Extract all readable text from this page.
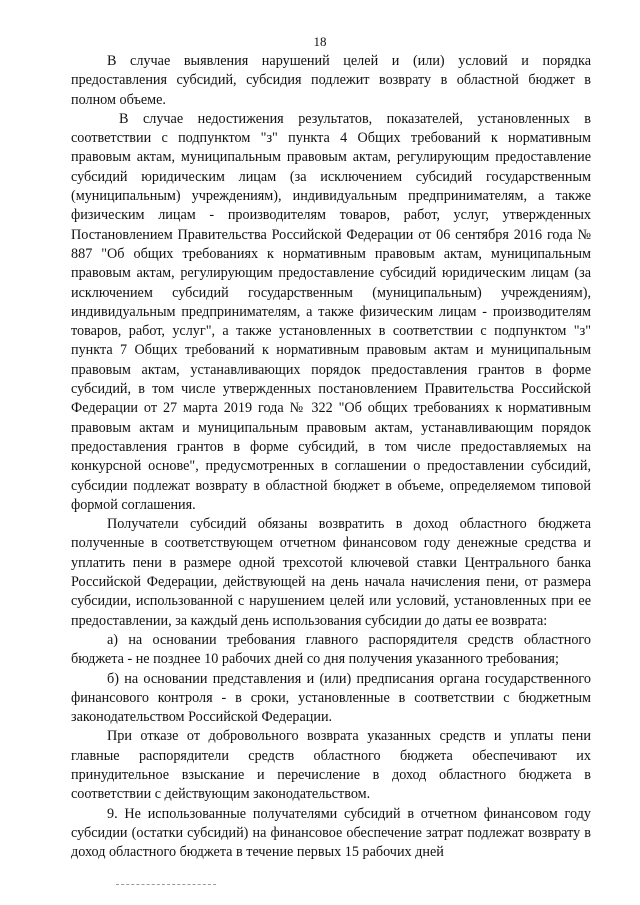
18

В случае выявления нарушений целей и (или) условий и порядка предоставления субсидий, субсидия подлежит возврату в областной бюджет в полном объеме.

В случае недостижения результатов, показателей, установленных в соответствии с подпунктом "з" пункта 4 Общих требований к нормативным правовым актам, муниципальным правовым актам, регулирующим предоставление субсидий юридическим лицам (за исключением субсидий государственным (муниципальным) учреждениям), индивидуальным предпринимателям, а также физическим лицам - производителям товаров, работ, услуг, утвержденных Постановлением Правительства Российской Федерации от 06 сентября 2016 года № 887 "Об общих требованиях к нормативным правовым актам, муниципальным правовым актам, регулирующим предоставление субсидий юридическим лицам (за исключением субсидий государственным (муниципальным) учреждениям), индивидуальным предпринимателям, а также физическим лицам - производителям товаров, работ, услуг", а также установленных в соответствии с подпунктом "з" пункта 7 Общих требований к нормативным правовым актам и муниципальным правовым актам, устанавливающих порядок предоставления грантов в форме субсидий, в том числе утвержденных постановлением Правительства Российской Федерации от 27 марта 2019 года № 322 "Об общих требованиях к нормативным правовым актам и муниципальным правовым актам, устанавливающим порядок предоставления грантов в форме субсидий, в том числе предоставляемых на конкурсной основе", предусмотренных в соглашении о предоставлении субсидий, субсидии подлежат возврату в областной бюджет в объеме, определяемом типовой формой соглашения.

Получатели субсидий обязаны возвратить в доход областного бюджета полученные в соответствующем отчетном финансовом году денежные средства и уплатить пени в размере одной трехсотой ключевой ставки Центрального банка Российской Федерации, действующей на день начала начисления пени, от размера субсидии, использованной с нарушением целей или условий, установленных при ее предоставлении, за каждый день использования субсидии до даты ее возврата:

а) на основании требования главного распорядителя средств областного бюджета - не позднее 10 рабочих дней со дня получения указанного требования;

б) на основании представления и (или) предписания органа государственного финансового контроля - в сроки, установленные в соответствии с бюджетным законодательством Российской Федерации.

При отказе от добровольного возврата указанных средств и уплаты пени главные распорядители средств областного бюджета обеспечивают их принудительное взыскание и перечисление в доход областного бюджета в соответствии с действующим законодательством.

9. Не использованные получателями субсидий в отчетном финансовом году субсидии (остатки субсидий) на финансовое обеспечение затрат подлежат возврату в доход областного бюджета в течение первых 15 рабочих дней
